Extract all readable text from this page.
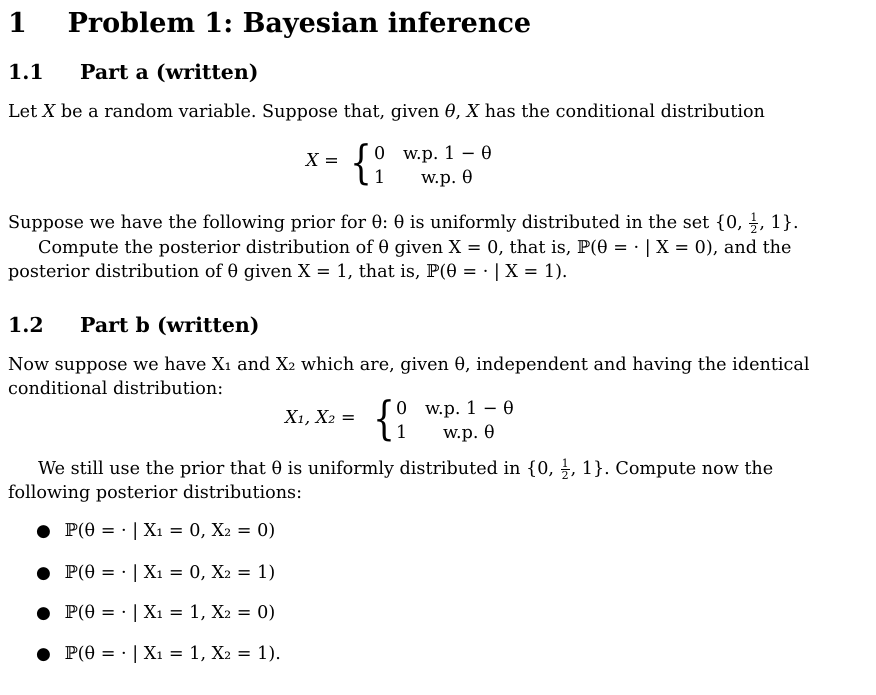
1 Problem 1: Bayesian inference
1.1 Part a (written)
Let X be a random variable. Suppose that, given θ, X has the conditional distribution
X = { 0 w.p. 1 − θ
1 w.p. θ
Suppose we have the following prior for θ: θ is uniformly distributed in the set {0, $\frac{1}{2}$ , 1}.
Compute the posterior distribution of θ given X = 0, that is, ℙ(θ = · | X = 0), and the
posterior distribution of θ given X = 1, that is, ℙ(θ = · | X = 1).
1.2 Part b (written)
Now suppose we have X₁ and X₂ which are, given θ, independent and having the identical
conditional distribution:
X₁, X₂ = { 0 w.p. 1 − θ
1 w.p. θ
We still use the prior that θ is uniformly distributed in {0, $\frac{1}{2}$ , 1}. Compute now the
following posterior distributions:
● ℙ(θ = · | X₁ = 0, X₂ = 0)
● ℙ(θ = · | X₁ = 0, X₂ = 1)
● ℙ(θ = · | X₁ = 1, X₂ = 0)
● ℙ(θ = · | X₁ = 1, X₂ = 1).
